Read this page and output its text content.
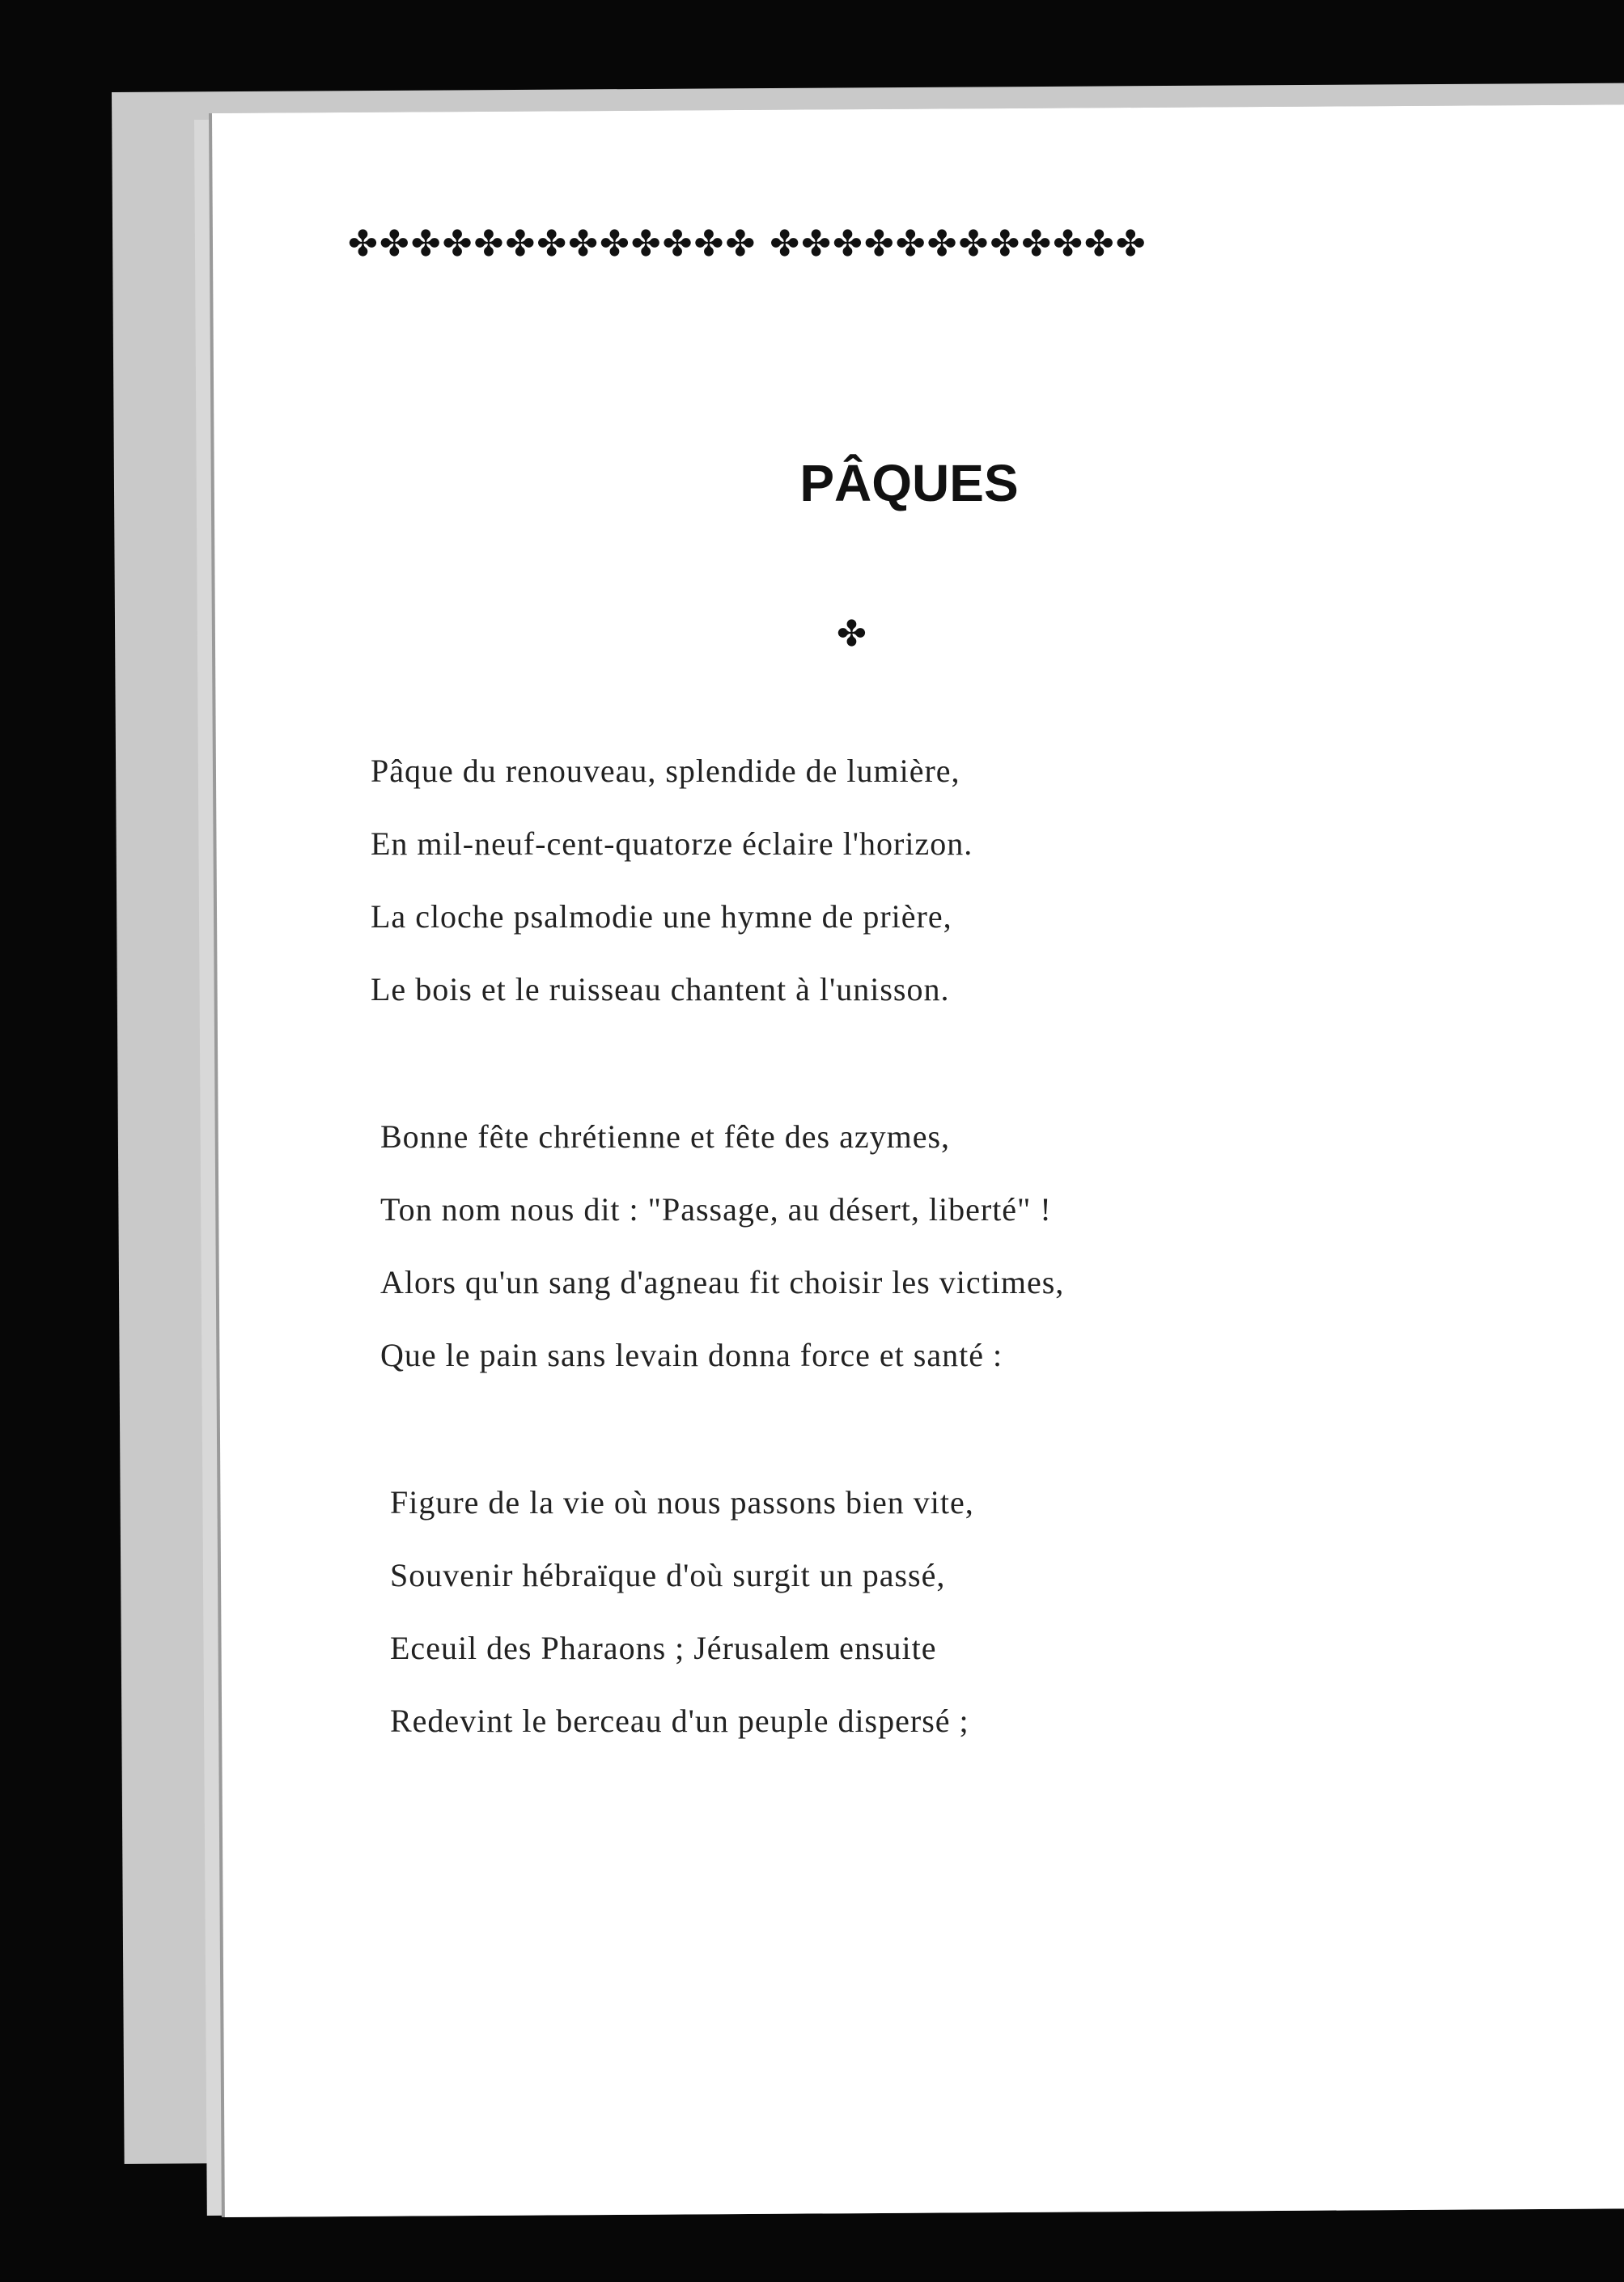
✤✤✤✤✤✤✤✤✤✤✤✤✤ ✤✤✤✤✤✤✤✤✤✤✤✤
PÂQUES
✤
Pâque du renouveau, splendide de lumière,
En mil-neuf-cent-quatorze éclaire l'horizon.
La cloche psalmodie une hymne de prière,
Le bois et le ruisseau chantent à l'unisson.
Bonne fête chrétienne et fête des azymes,
Ton nom nous dit : "Passage, au désert, liberté" !
Alors qu'un sang d'agneau fit choisir les victimes,
Que le pain sans levain donna force et santé :
Figure de la vie où nous passons bien vite,
Souvenir hébraïque d'où surgit un passé,
Eceuil des Pharaons ; Jérusalem ensuite
Redevint le berceau d'un peuple dispersé ;
